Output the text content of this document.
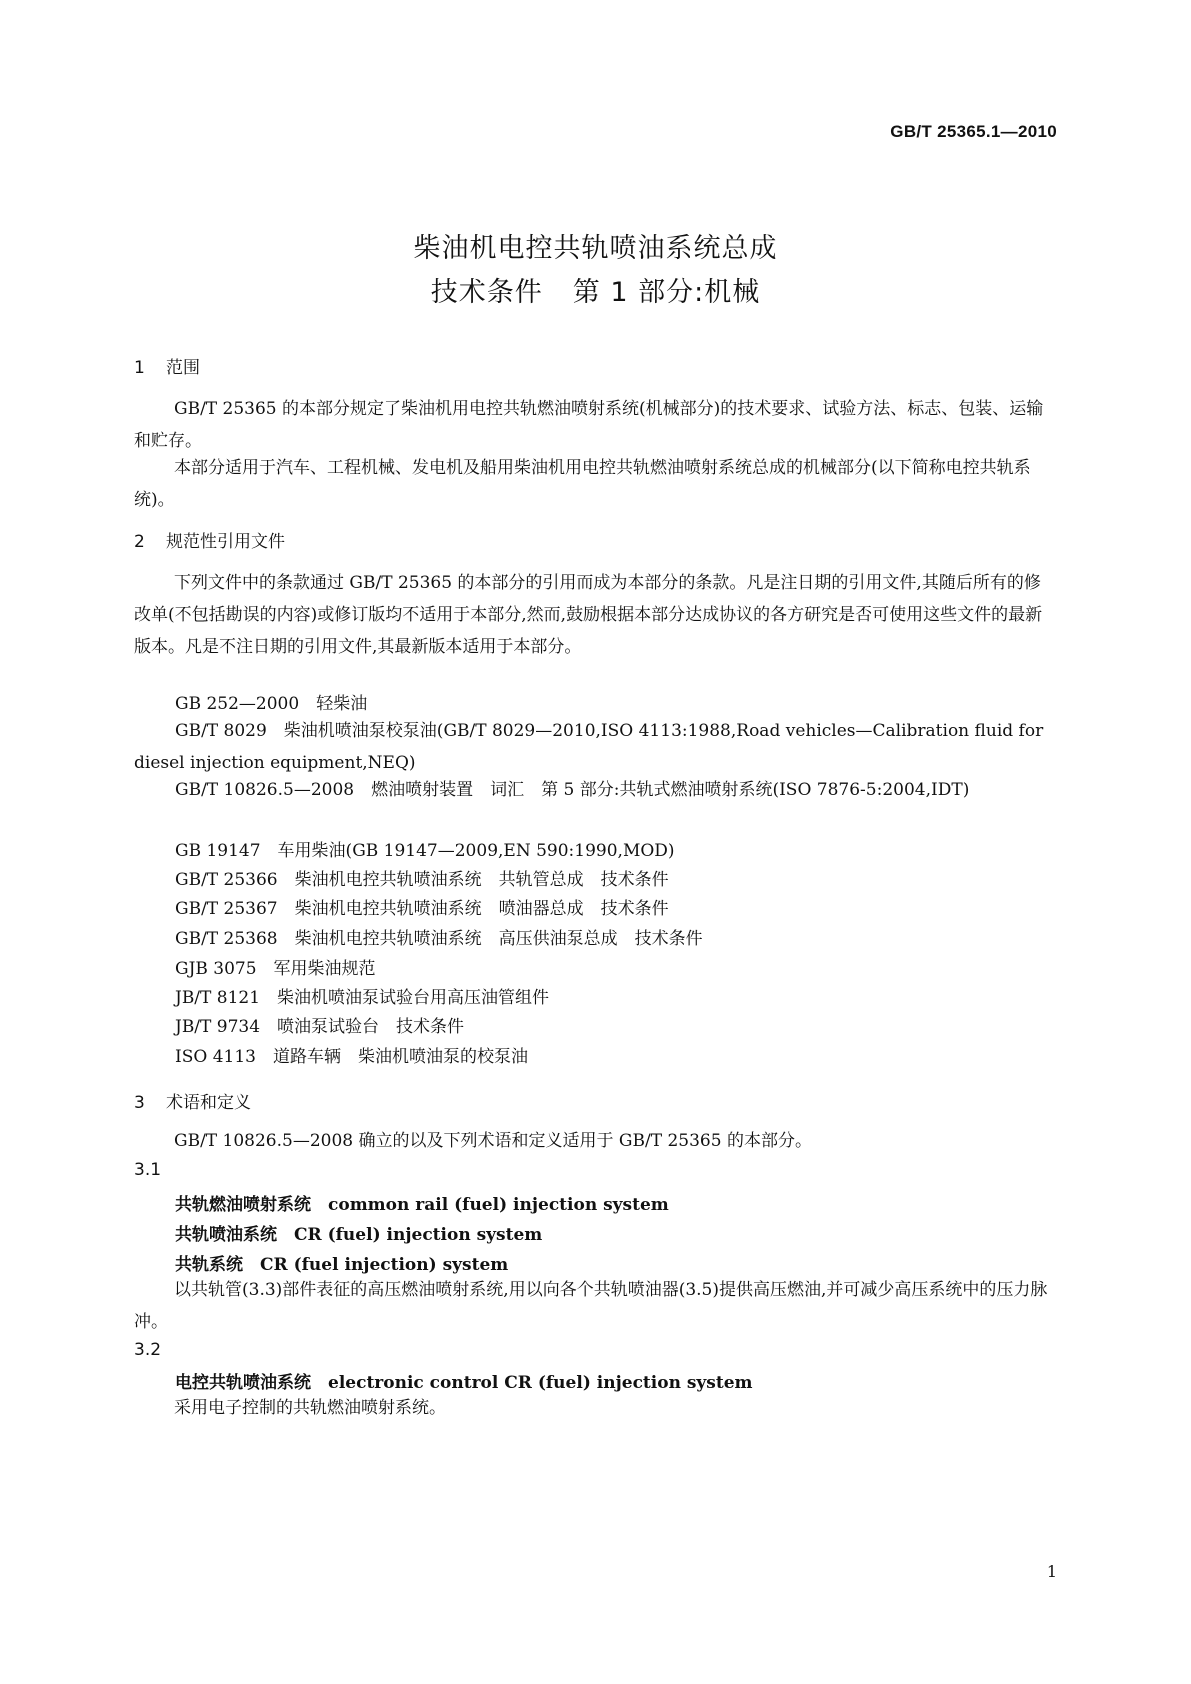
GB/T 25365.1—2010
柴油机电控共轨喷油系统总成
技术条件 第 1 部分:机械
1 范围
GB/T 25365 的本部分规定了柴油机用电控共轨燃油喷射系统(机械部分)的技术要求、试验方法、标志、包装、运输和贮存。
本部分适用于汽车、工程机械、发电机及船用柴油机用电控共轨燃油喷射系统总成的机械部分(以下简称电控共轨系统)。
2 规范性引用文件
下列文件中的条款通过 GB/T 25365 的本部分的引用而成为本部分的条款。凡是注日期的引用文件,其随后所有的修改单(不包括勘误的内容)或修订版均不适用于本部分,然而,鼓励根据本部分达成协议的各方研究是否可使用这些文件的最新版本。凡是不注日期的引用文件,其最新版本适用于本部分。
GB 252—2000　轻柴油
GB/T 8029　柴油机喷油泵校泵油(GB/T 8029—2010,ISO 4113:1988,Road vehicles—Calibration fluid for diesel injection equipment,NEQ)
GB/T 10826.5—2008　燃油喷射装置　词汇　第 5 部分:共轨式燃油喷射系统(ISO 7876-5:2004,IDT)
GB 19147　车用柴油(GB 19147—2009,EN 590:1990,MOD)
GB/T 25366　柴油机电控共轨喷油系统　共轨管总成　技术条件
GB/T 25367　柴油机电控共轨喷油系统　喷油器总成　技术条件
GB/T 25368　柴油机电控共轨喷油系统　高压供油泵总成　技术条件
GJB 3075　军用柴油规范
JB/T 8121　柴油机喷油泵试验台用高压油管组件
JB/T 9734　喷油泵试验台　技术条件
ISO 4113　道路车辆　柴油机喷油泵的校泵油
3 术语和定义
GB/T 10826.5—2008 确立的以及下列术语和定义适用于 GB/T 25365 的本部分。
3.1
共轨燃油喷射系统　 common rail (fuel) injection system
共轨喷油系统　 CR (fuel) injection system
共轨系统　 CR (fuel injection) system
以共轨管(3.3)部件表征的高压燃油喷射系统,用以向各个共轨喷油器(3.5)提供高压燃油,并可减少高压系统中的压力脉冲。
3.2
电控共轨喷油系统　 electronic control CR (fuel) injection system
采用电子控制的共轨燃油喷射系统。
1
